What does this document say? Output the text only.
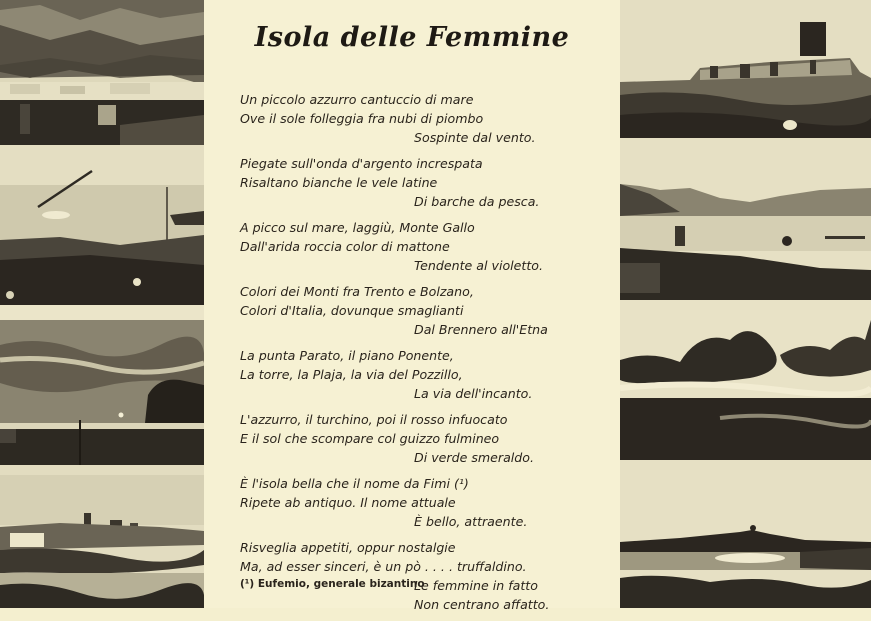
Isola delle Femmine
Un piccolo azzurro cantuccio di mare
Ove il sole folleggia fra nubi di piombo
Sospinte dal vento.
Piegate sull'onda d'argento increspata
Risaltano bianche le vele latine
Di barche da pesca.
A picco sul mare, laggiù, Monte Gallo
Dall'arida roccia color di mattone
Tendente al violetto.
Colori dei Monti fra Trento e Bolzano,
Colori d'Italia, dovunque smaglianti
Dal Brennero all'Etna
La punta Parato, il piano Ponente,
La torre, la Plaja, la via del Pozzillo,
La via dell'incanto.
L'azzurro, il turchino, poi il rosso infuocato
E il sol che scompare col guizzo fulmineo
Di verde smeraldo.
È l'isola bella che il nome da Fimi (¹)
Ripete ab antiquo. Il nome attuale
È bello, attraente.
Risveglia appetiti, oppur nostalgie
Ma, ad esser sinceri, è un pò . . . . truffaldino.
Le femmine in fatto
Non centrano affatto.
(¹) Eufemio, generale bizantino
